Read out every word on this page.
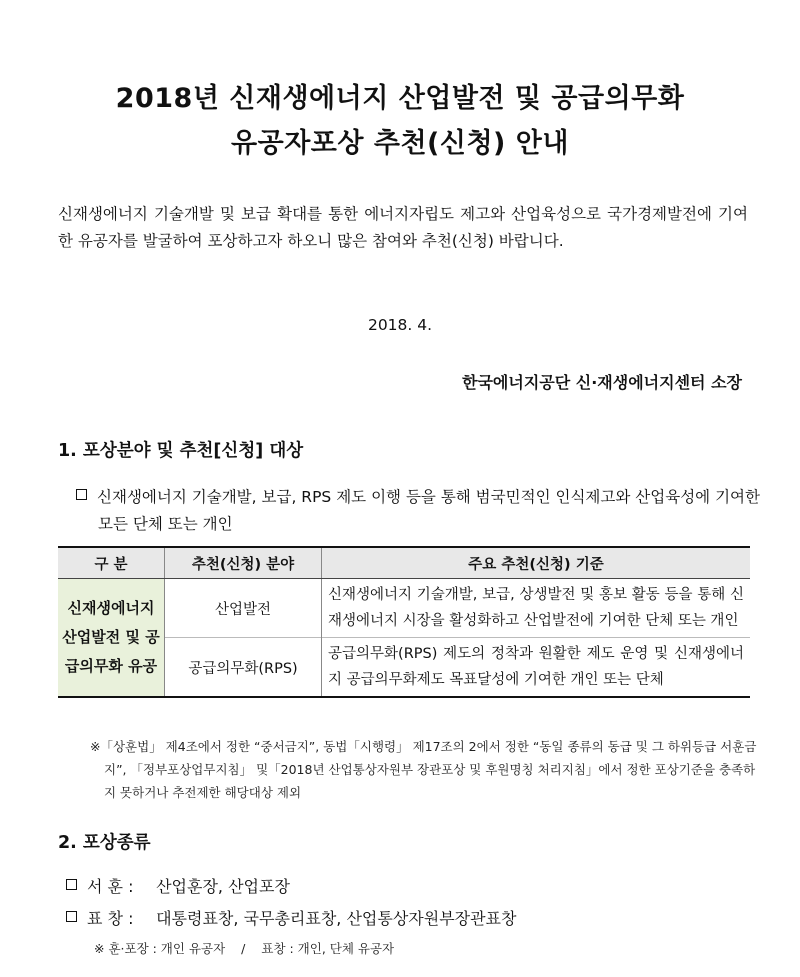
2018년 신재생에너지 산업발전 및 공급의무화
유공자포상 추천(신청) 안내
신재생에너지 기술개발 및 보급 확대를 통한 에너지자립도 제고와 산업육성으로 국가경제발전에 기여한 유공자를 발굴하여 포상하고자 하오니 많은 참여와 추천(신청) 바랍니다.
2018. 4.
한국에너지공단 신·재생에너지센터 소장
1. 포상분야 및 추천[신청] 대상
신재생에너지 기술개발, 보급, RPS 제도 이행 등을 통해 범국민적인 인식제고와 산업육성에 기여한 모든 단체 또는 개인
구 분	추천(신청) 분야	주요 추천(신청) 기준
신재생에너지 산업발전 및 공급의무화 유공	산업발전	신재생에너지 기술개발, 보급, 상생발전 및 홍보 활동 등을 통해 신재생에너지 시장을 활성화하고 산업발전에 기여한 단체 또는 개인
	공급의무화(RPS)	공급의무화(RPS) 제도의 정착과 원활한 제도 운영 및 신재생에너지 공급의무화제도 목표달성에 기여한 개인 또는 단체
※「상훈법」 제4조에서 정한 “중서금지”, 동법「시행령」 제17조의 2에서 정한 “동일 종류의 동급 및 그 하위등급 서훈금지”, 「정부포상업무지침」 및「2018년 산업통상자원부 장관포상 및 후원명칭 처리지침」에서 정한 포상기준을 충족하지 못하거나 추전제한 해당대상 제외
2. 포상종류
서 훈 : 산업훈장, 산업포장
표 창 : 대통령표창, 국무총리표창, 산업통상자원부장관표창
※ 훈·포장 : 개인 유공자 / 표창 : 개인, 단체 유공자
